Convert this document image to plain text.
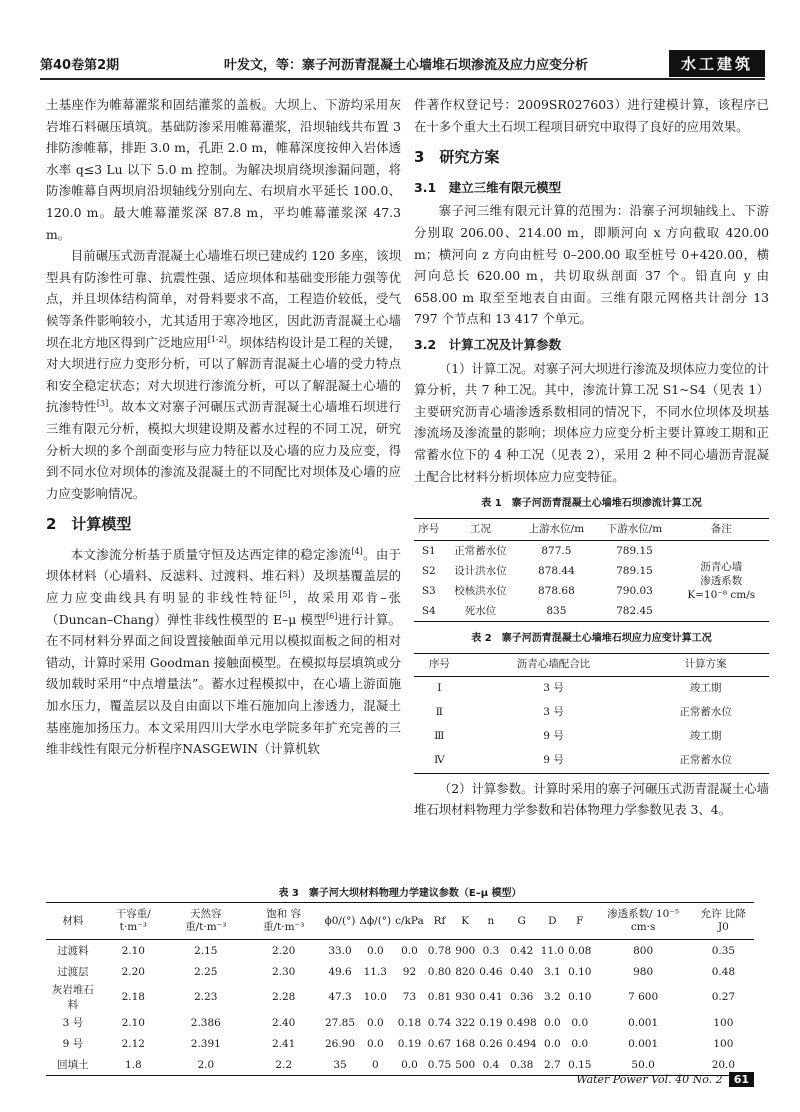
第40卷第2期	叶发文，等：寨子河沥青混凝土心墙堆石坝渗流及应力应变分析	水工建筑

土基座作为帷幕灌浆和固结灌浆的盖板。大坝上、下游均采用灰岩堆石料碾压填筑。基础防渗采用帷幕灌浆，沿坝轴线共布置 3 排防渗帷幕，排距 3.0 m，孔距 2.0 m，帷幕深度按伸入岩体透水率 q≤3 Lu 以下 5.0 m 控制。为解决坝肩绕坝渗漏问题，将防渗帷幕自两坝肩沿坝轴线分别向左、右坝肩水平延长 100.0、120.0 m。最大帷幕灌浆深 87.8 m，平均帷幕灌浆深 47.3 m。

目前碾压式沥青混凝土心墙堆石坝已建成约 120 多座，该坝型具有防渗性可靠、抗震性强、适应坝体和基础变形能力强等优点，并且坝体结构简单，对骨料要求不高，工程造价较低，受气候等条件影响较小，尤其适用于寒冷地区，因此沥青混凝土心墙坝在北方地区得到广泛地应用[1-2]。坝体结构设计是工程的关键，对大坝进行应力变形分析，可以了解沥青混凝土心墙的受力特点和安全稳定状态；对大坝进行渗流分析，可以了解混凝土心墙的抗渗特性[3]。故本文对寨子河碾压式沥青混凝土心墙堆石坝进行三维有限元分析，模拟大坝建设期及蓄水过程的不同工况，研究分析大坝的多个剖面变形与应力特征以及心墙的应力及应变，得到不同水位对坝体的渗流及混凝土的不同配比对坝体及心墙的应力应变影响情况。

2　计算模型

本文渗流分析基于质量守恒及达西定律的稳定渗流[4]。由于坝体材料（心墙料、反滤料、过渡料、堆石料）及坝基覆盖层的应力应变曲线具有明显的非线性特征[5]，故采用邓肯–张（Duncan–Chang）弹性非线性模型的 E–μ 模型[6]进行计算。在不同材料分界面之间设置接触面单元用以模拟面板之间的相对错动，计算时采用 Goodman 接触面模型。在模拟每层填筑或分级加载时采用“中点增量法”。蓄水过程模拟中，在心墙上游面施加水压力，覆盖层以及自由面以下堆石施加向上渗透力，混凝土基座施加扬压力。本文采用四川大学水电学院多年扩充完善的三维非线性有限元分析程序NASGEWIN（计算机软

件著作权登记号：2009SR027603）进行建模计算，该程序已在十多个重大土石坝工程项目研究中取得了良好的应用效果。

3　研究方案
3.1　建立三维有限元模型

寨子河三维有限元计算的范围为：沿寨子河坝轴线上、下游分别取 206.00、214.00 m，即顺河向 x 方向截取 420.00 m；横河向 z 方向由桩号 0–200.00 取至桩号 0+420.00，横河向总长 620.00 m，共切取纵剖面 37 个。铅直向 y 由 658.00 m 取至至地表自由面。三维有限元网格共计剖分 13 797 个节点和 13 417 个单元。

3.2　计算工况及计算参数

（1）计算工况。对寨子河大坝进行渗流及坝体应力变位的计算分析，共 7 种工况。其中，渗流计算工况 S1~S4（见表 1）主要研究沥青心墙渗透系数相同的情况下，不同水位坝体及坝基渗流场及渗流量的影响；坝体应力应变分析主要计算竣工期和正常蓄水位下的 4 种工况（见表 2），采用 2 种不同心墙沥青混凝土配合比材料分析坝体应力应变特征。

表 1　寨子河沥青混凝土心墙堆石坝渗流计算工况
序号	工况	上游水位/m	下游水位/m	备注
S1	正常蓄水位	877.5	789.15	沥青心墙
渗透系数
K=10⁻⁸ cm/s
S2	设计洪水位	878.44	789.15	
S3	校核洪水位	878.68	790.03	
S4	死水位	835	782.45	
表 2　寨子河沥青混凝土心墙堆石坝应力应变计算工况
序号	沥青心墙配合比	计算方案
Ⅰ	3 号	竣工期
Ⅱ	3 号	正常蓄水位
Ⅲ	9 号	竣工期
Ⅳ	9 号	正常蓄水位

（2）计算参数。计算时采用的寨子河碾压式沥青混凝土心墙堆石坝材料物理力学参数和岩体物理力学参数见表 3、4。

表 3　寨子河大坝材料物理力学建议参数（E–μ 模型）
材料	干容重/ t·m⁻³	天然容 重/t·m⁻³	饱和 容重/t·m⁻³	ϕ0/(°)	Δϕ/(°)	c/kPa	Rf	K	n	G	D	F	渗透系数/ 10⁻⁵ cm·s	允许 比降 J0
过渡料	2.10	2.15	2.20	33.0	0.0	0.0	0.78	900	0.3	0.42	11.0	0.08	800	0.35
过渡层	2.20	2.25	2.30	49.6	11.3	92	0.80	820	0.46	0.40	3.1	0.10	980	0.48
灰岩堆石料	2.18	2.23	2.28	47.3	10.0	73	0.81	930	0.41	0.36	3.2	0.10	7 600	0.27
3 号	2.10	2.386	2.40	27.85	0.0	0.18	0.74	322	0.19	0.498	0.0	0.0	0.001	100
9 号	2.12	2.391	2.41	26.90	0.0	0.19	0.67	168	0.26	0.494	0.0	0.0	0.001	100
回填土	1.8	2.0	2.2	35	0	0.0	0.75	500	0.4	0.38	2.7	0.15	50.0	20.0
Water Power Vol. 40 No. 2 61
